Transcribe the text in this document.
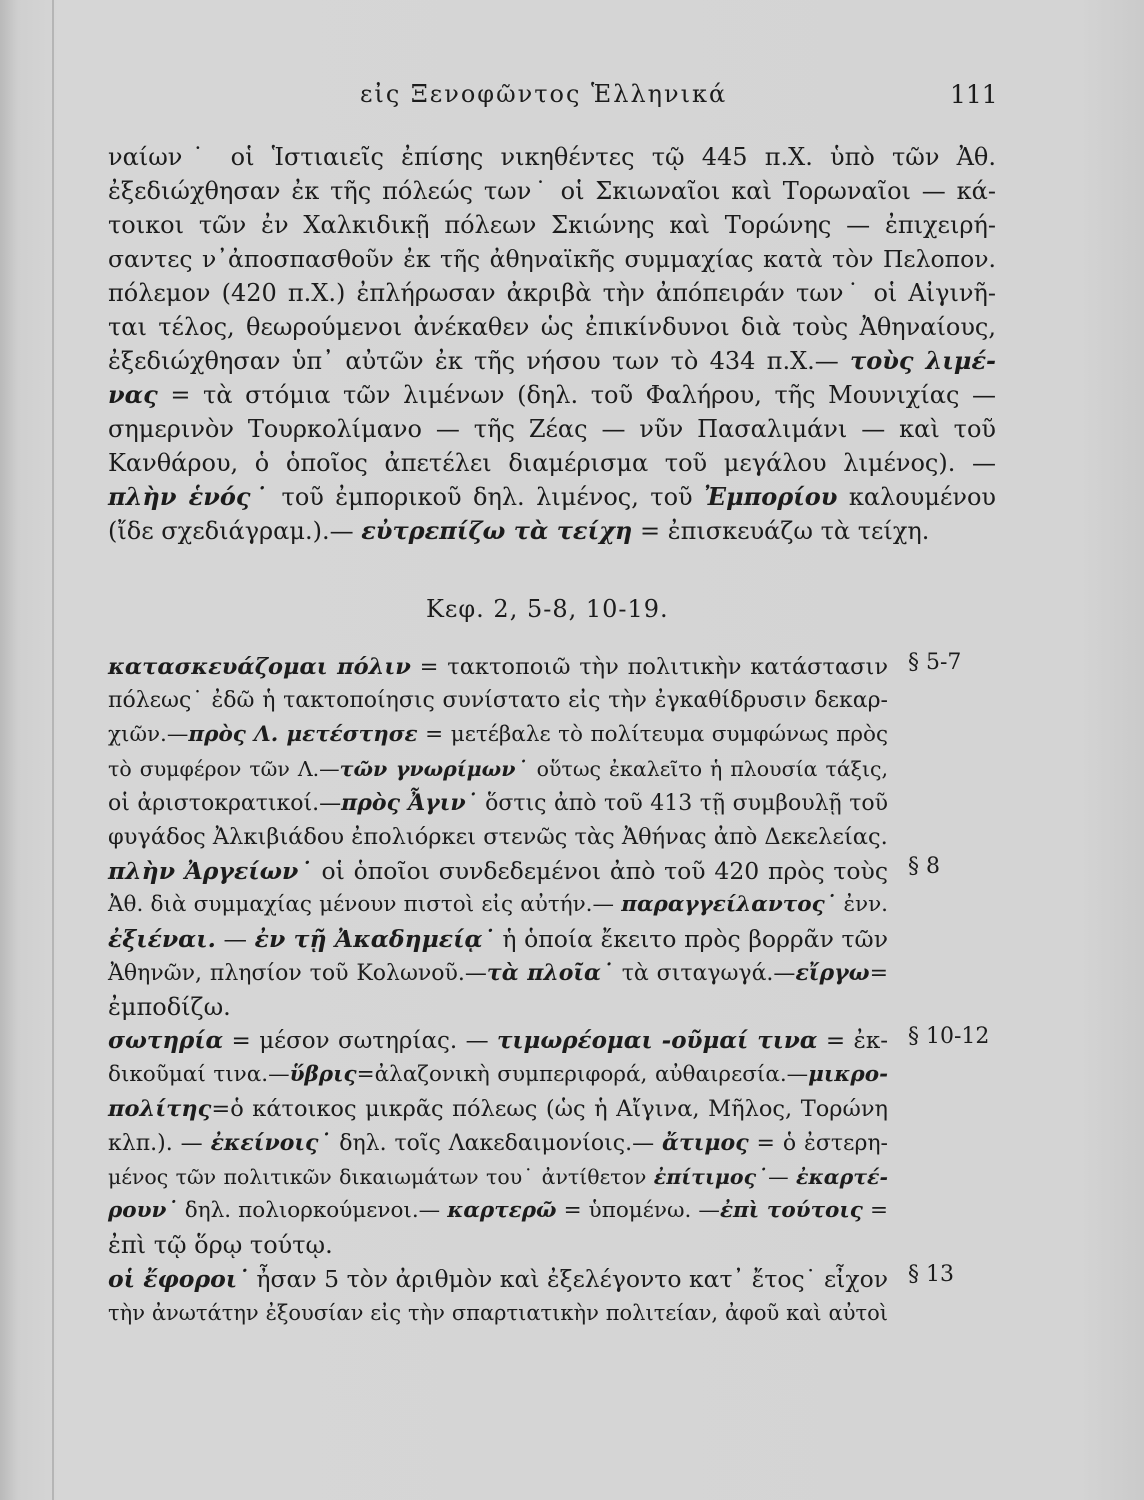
εἰς Ξενοφῶντος Ἑλληνικά	111
ναίων˙ οἱ Ἱστιαιεῖς ἐπίσης νικηθέντες τῷ 445 π.Χ. ὑπὸ τῶν Ἀθ.
ἐξεδιώχθησαν ἐκ τῆς πόλεώς των˙ οἱ Σκιωναῖοι καὶ Τορωναῖοι — κά-
τοικοι τῶν ἐν Χαλκιδικῇ πόλεων Σκιώνης καὶ Τορώνης — ἐπιχειρή-
σαντες ν᾿ἀποσπασθοῦν ἐκ τῆς ἀθηναϊκῆς συμμαχίας κατὰ τὸν Πελοπον.
πόλεμον (420 π.Χ.) ἐπλήρωσαν ἀκριβὰ τὴν ἀπόπειράν των˙ οἱ Αἰγινῆ-
ται τέλος, θεωρούμενοι ἀνέκαθεν ὡς ἐπικίνδυνοι διὰ τοὺς Ἀθηναίους,
ἐξεδιώχθησαν ὑπ᾿ αὐτῶν ἐκ τῆς νήσου των τὸ 434 π.Χ.— τοὺς λιμέ-
νας = τὰ στόμια τῶν λιμένων (δηλ. τοῦ Φαλήρου, τῆς Μουνιχίας —
σημερινὸν Τουρκολίμανο — τῆς Ζέας — νῦν Πασαλιμάνι — καὶ τοῦ
Κανθάρου, ὁ ὁποῖος ἀπετέλει διαμέρισμα τοῦ μεγάλου λιμένος). —
πλὴν ἑνός˙ τοῦ ἐμπορικοῦ δηλ. λιμένος, τοῦ Ἐμπορίου καλουμένου
(ἴδε σχεδιάγραμ.).— εὐτρεπίζω τὰ τείχη = ἐπισκευάζω τὰ τείχη.
Κεφ. 2, 5-8, 10-19.
κατασκευάζομαι πόλιν = τακτοποιῶ τὴν πολιτικὴν κατάστασιν
πόλεως˙ ἐδῶ ἡ τακτοποίησις συνίστατο εἰς τὴν ἐγκαθίδρυσιν δεκαρ-
χιῶν.—πρὸς Λ. μετέστησε = μετέβαλε τὸ πολίτευμα συμφώνως πρὸς
τὸ συμφέρον τῶν Λ.—τῶν γνωρίμων˙ οὕτως ἐκαλεῖτο ἡ πλουσία τάξις,
οἱ ἀριστοκρατικοί.—πρὸς Ἆγιν˙ ὅστις ἀπὸ τοῦ 413 τῇ συμβουλῇ τοῦ
φυγάδος Ἀλκιβιάδου ἐπολιόρκει στενῶς τὰς Ἀθήνας ἀπὸ Δεκελείας.
πλὴν Ἀργείων˙ οἱ ὁποῖοι συνδεδεμένοι ἀπὸ τοῦ 420 πρὸς τοὺς
Ἀθ. διὰ συμμαχίας μένουν πιστοὶ εἰς αὐτήν.— παραγγείλαντος˙ ἐνν.
ἐξιέναι. — ἐν τῇ Ἀκαδημείᾳ˙ ἡ ὁποία ἔκειτο πρὸς βορρᾶν τῶν
Ἀθηνῶν, πλησίον τοῦ Κολωνοῦ.—τὰ πλοῖα˙ τὰ σιταγωγά.—εἴργω=
ἐμποδίζω.
σωτηρία = μέσον σωτηρίας. — τιμωρέομαι -οῦμαί τινα = ἐκ-
δικοῦμαί τινα.—ὕβρις=ἀλαζονικὴ συμπεριφορά, αὐθαιρεσία.—μικρο-
πολίτης=ὁ κάτοικος μικρᾶς πόλεως (ὡς ἡ Αἴγινα, Μῆλος, Τορώνη
κλπ.). — ἐκείνοις˙ δηλ. τοῖς Λακεδαιμονίοις.— ἄτιμος = ὁ ἐστερη-
μένος τῶν πολιτικῶν δικαιωμάτων του˙ ἀντίθετον ἐπίτιμος˙— ἐκαρτέ-
ρουν˙ δηλ. πολιορκούμενοι.— καρτερῶ = ὑπομένω. —ἐπὶ τούτοις =
ἐπὶ τῷ ὅρῳ τούτῳ.
οἱ ἔφοροι˙ ἦσαν 5 τὸν ἀριθμὸν καὶ ἐξελέγοντο κατ᾿ ἔτος˙ εἶχον
τὴν ἀνωτάτην ἐξουσίαν εἰς τὴν σπαρτιατικὴν πολιτείαν, ἀφοῦ καὶ αὐτοὶ
§ 5-7
§ 8
§ 10-12
§ 13
